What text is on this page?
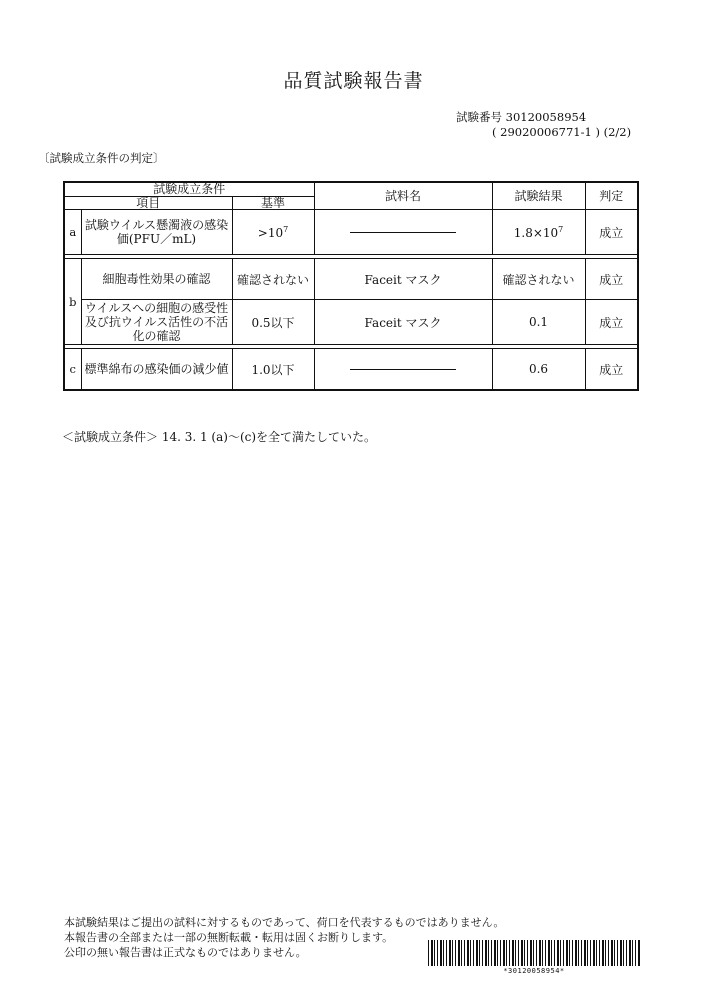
品質試験報告書
試験番号 30120058954
( 29020006771-1 ) (2/2)
〔試験成立条件の判定〕
試験成立条件			試料名	試験結果	判定
項目		基準			
a	試験ウイルス懸濁液の感染価(PFU／mL)	$>10^7$		$1.8\times 10^7$	成立

b	細胞毒性効果の確認	確認されない	Faceit マスク	確認されない	成立
	ウイルスへの細胞の感受性及び抗ウイルス活性の不活化の確認	0.5以下	Faceit マスク	0.1	成立

c	標準綿布の感染価の減少値	1.0以下		0.6	成立
＜試験成立条件＞ 14. 3. 1 (a)〜(c)を全て満たしていた。
本試験結果はご提出の試料に対するものであって、荷口を代表するものではありません。
本報告書の全部または一部の無断転載・転用は固くお断りします。
公印の無い報告書は正式なものではありません。
*30120058954*
